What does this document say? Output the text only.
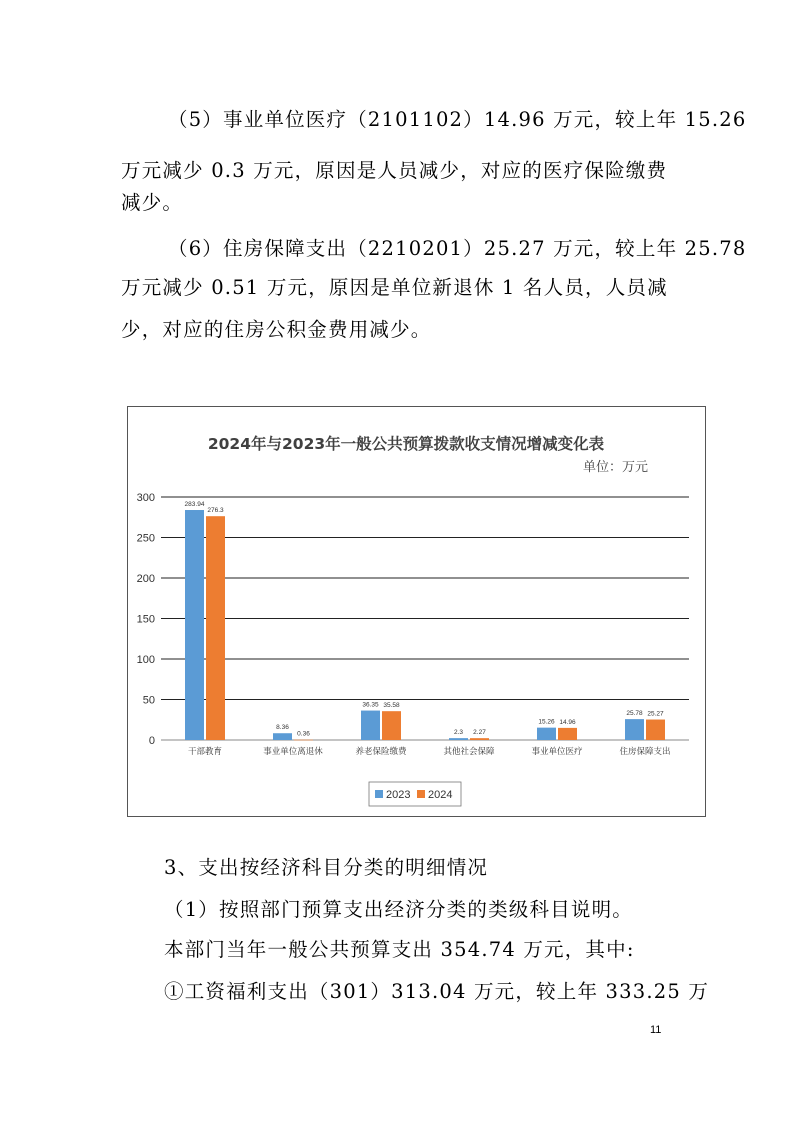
（5）事业单位医疗（2101102）14.96 万元，较上年 15.26
万元减少 0.3 万元，原因是人员减少，对应的医疗保险缴费
减少。
（6）住房保障支出（2210201）25.27 万元，较上年 25.78
万元减少 0.51 万元，原因是单位新退休 1 名人员，人员减
少，对应的住房公积金费用减少。
2024年与2023年一般公共预算拨款收支情况增减变化表
单位：万元
0
50
100
150
200
250
300
283.94
276.3
干部教育
8.36
0.36
事业单位离退休
36.35 35.58
养老保险缴费
2.3 2.27
其他社会保障
15.26 14.96
事业单位医疗
25.78 25.27
住房保障支出
2023 2024
3、支出按经济科目分类的明细情况
（1）按照部门预算支出经济分类的类级科目说明。
本部门当年一般公共预算支出 354.74 万元，其中:
①工资福利支出（301）313.04 万元，较上年 333.25 万
11
